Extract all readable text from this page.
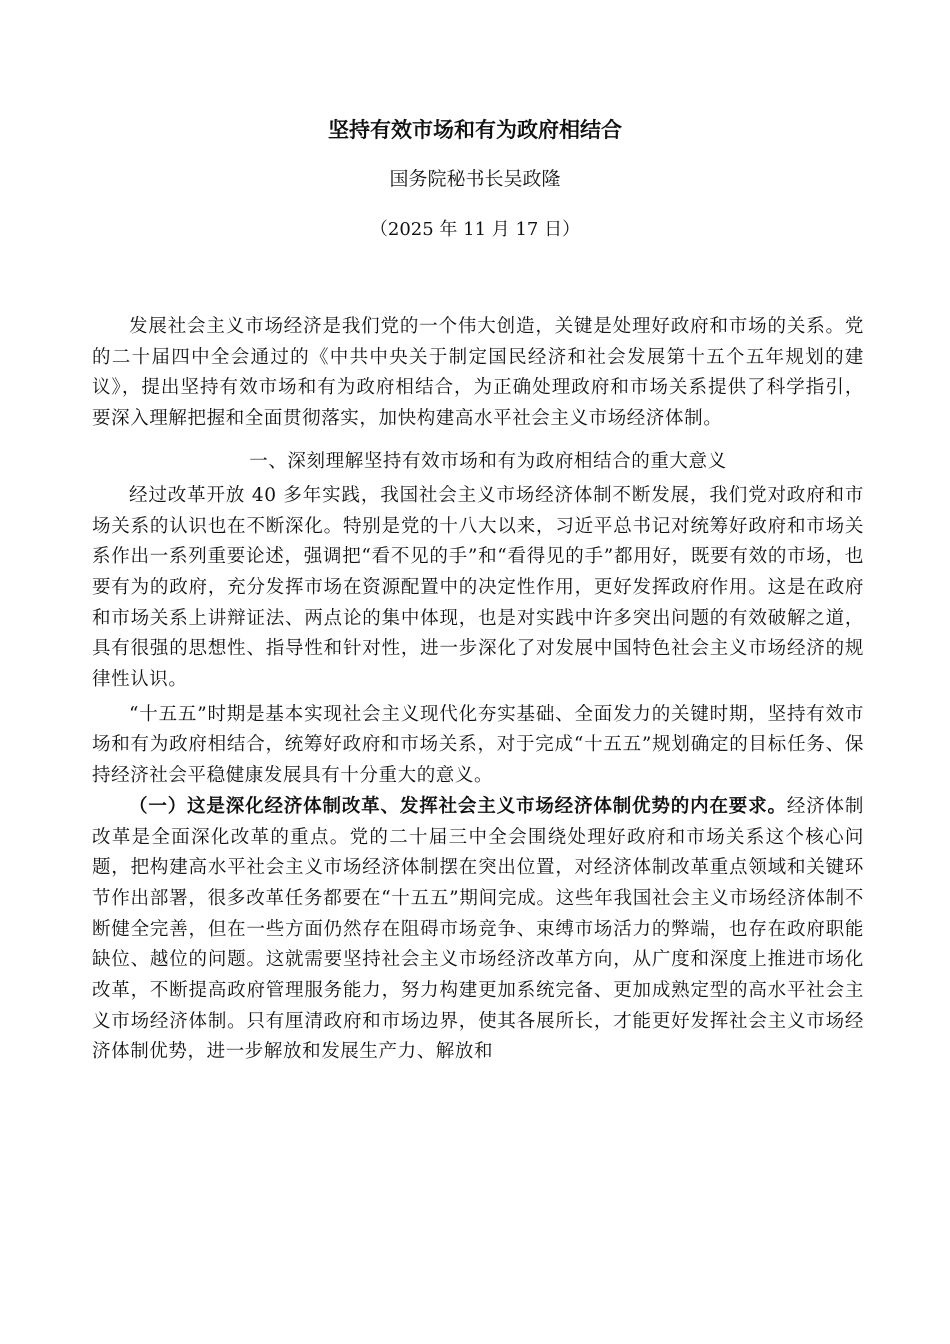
坚持有效市场和有为政府相结合
国务院秘书长吴政隆
（2025 年 11 月 17 日）

发展社会主义市场经济是我们党的一个伟大创造，关键是处理好政府和市场的关系。党的二十届四中全会通过的《中共中央关于制定国民经济和社会发展第十五个五年规划的建议》，提出坚持有效市场和有为政府相结合，为正确处理政府和市场关系提供了科学指引，要深入理解把握和全面贯彻落实，加快构建高水平社会主义市场经济体制。

一、深刻理解坚持有效市场和有为政府相结合的重大意义

经过改革开放 40 多年实践，我国社会主义市场经济体制不断发展，我们党对政府和市场关系的认识也在不断深化。特别是党的十八大以来，习近平总书记对统筹好政府和市场关系作出一系列重要论述，强调把“看不见的手”和“看得见的手”都用好，既要有效的市场，也要有为的政府，充分发挥市场在资源配置中的决定性作用，更好发挥政府作用。这是在政府和市场关系上讲辩证法、两点论的集中体现，也是对实践中许多突出问题的有效破解之道，具有很强的思想性、指导性和针对性，进一步深化了对发展中国特色社会主义市场经济的规律性认识。

“十五五”时期是基本实现社会主义现代化夯实基础、全面发力的关键时期，坚持有效市场和有为政府相结合，统筹好政府和市场关系，对于完成“十五五”规划确定的目标任务、保持经济社会平稳健康发展具有十分重大的意义。

（一）这是深化经济体制改革、发挥社会主义市场经济体制优势的内在要求。经济体制改革是全面深化改革的重点。党的二十届三中全会围绕处理好政府和市场关系这个核心问题，把构建高水平社会主义市场经济体制摆在突出位置，对经济体制改革重点领域和关键环节作出部署，很多改革任务都要在“十五五”期间完成。这些年我国社会主义市场经济体制不断健全完善，但在一些方面仍然存在阻碍市场竞争、束缚市场活力的弊端，也存在政府职能缺位、越位的问题。这就需要坚持社会主义市场经济改革方向，从广度和深度上推进市场化改革，不断提高政府管理服务能力，努力构建更加系统完备、更加成熟定型的高水平社会主义市场经济体制。只有厘清政府和市场边界，使其各展所长，才能更好发挥社会主义市场经济体制优势，进一步解放和发展生产力、解放和
